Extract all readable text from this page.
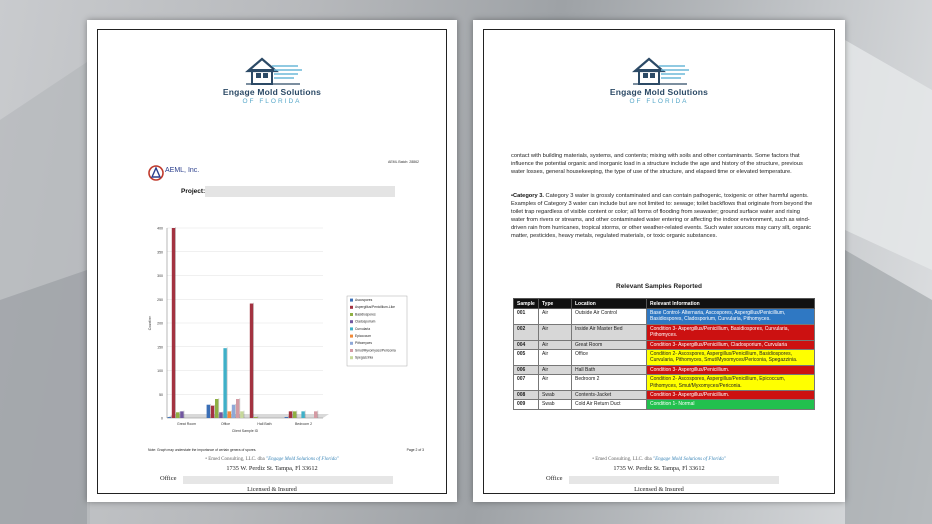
Engage Mold Solutions
OF FLORIDA
AEML, Inc.
AEML Batch: 28862
Project:
0
50
100
150
200
250
300
350
400
Count/m³
Client Sample ID
Great Room	Office	Hall Bath	Bedroom 2
Ascospores
Aspergillus/Penicillium-Like
Basidiospores
Cladosporium
Curvularia
Epicoccum
Pithomyces
Smut/Myxomyces/Periconia
Spegazzinia
Note: Graph may understate the importance of certain genera of spores.	Page 2 of 3
• Emed Consulting, LLC. dba "Engage Mold Solutions of Florida"
1735 W. Perdiz St. Tampa, Fl 33612
Office
Licensed & Insured
Engage Mold Solutions
OF FLORIDA
contact with building materials, systems, and contents; mixing with soils and other contaminants. Some factors that influence the potential organic and inorganic load in a structure include the age and history of the structure, previous water losses, general housekeeping, the type of use of the structure, and elapsed time or elevated temperature.
•Category 3. Category 3 water is grossly contaminated and can contain pathogenic, toxigenic or other harmful agents. Examples of Category 3 water can include but are not limited to: sewage; toilet backflows that originate from beyond the toilet trap regardless of visible content or color; all forms of flooding from seawater; ground surface water and rising water from rivers or streams, and other contaminated water entering or affecting the indoor environment, such as wind-driven rain from hurricanes, tropical storms, or other weather-related events. Such water sources may carry silt, organic matter, pesticides, heavy metals, regulated materials, or toxic organic substances.
Relevant Samples Reported
Sample	Type	Location	Relevant Information
001	Air	Outside Air Control	Base Control- Alternaria, Ascospores, Aspergillus/Penicillium, Basidiospores, Cladosporium, Curvularia, Pithomyces.
002	Air	Inside Air Master Bed	Condition 3- Aspergillus/Penicillium, Basidiospores, Curvularia, Pithomyces.
004	Air	Great Room	Condition 3- Aspergillus/Penicillium, Cladosporium, Curvularia
005	Air	Office	Condition 2- Ascospores, Aspergillus/Penicillium, Basidiospores, Curvularia, Pithomyces, Smut/Myxomyces/Periconia, Spegazzinia.
006	Air	Hall Bath	Condition 3- Aspergillus/Penicillium.
007	Air	Bedroom 2	Condition 2- Ascospores, Aspergillus/Penicillium, Epicoccum, Pithomyces, Smut/Myxomyces/Periconia.
008	Swab	Contents-Jacket	Condition 3- Aspergillus/Penicillium.
009	Swab	Cold Air Return Duct	Condition 1- Normal
• Emed Consulting, LLC. dba "Engage Mold Solutions of Florida"
1735 W. Perdiz St. Tampa, Fl 33612
Office
Licensed & Insured
